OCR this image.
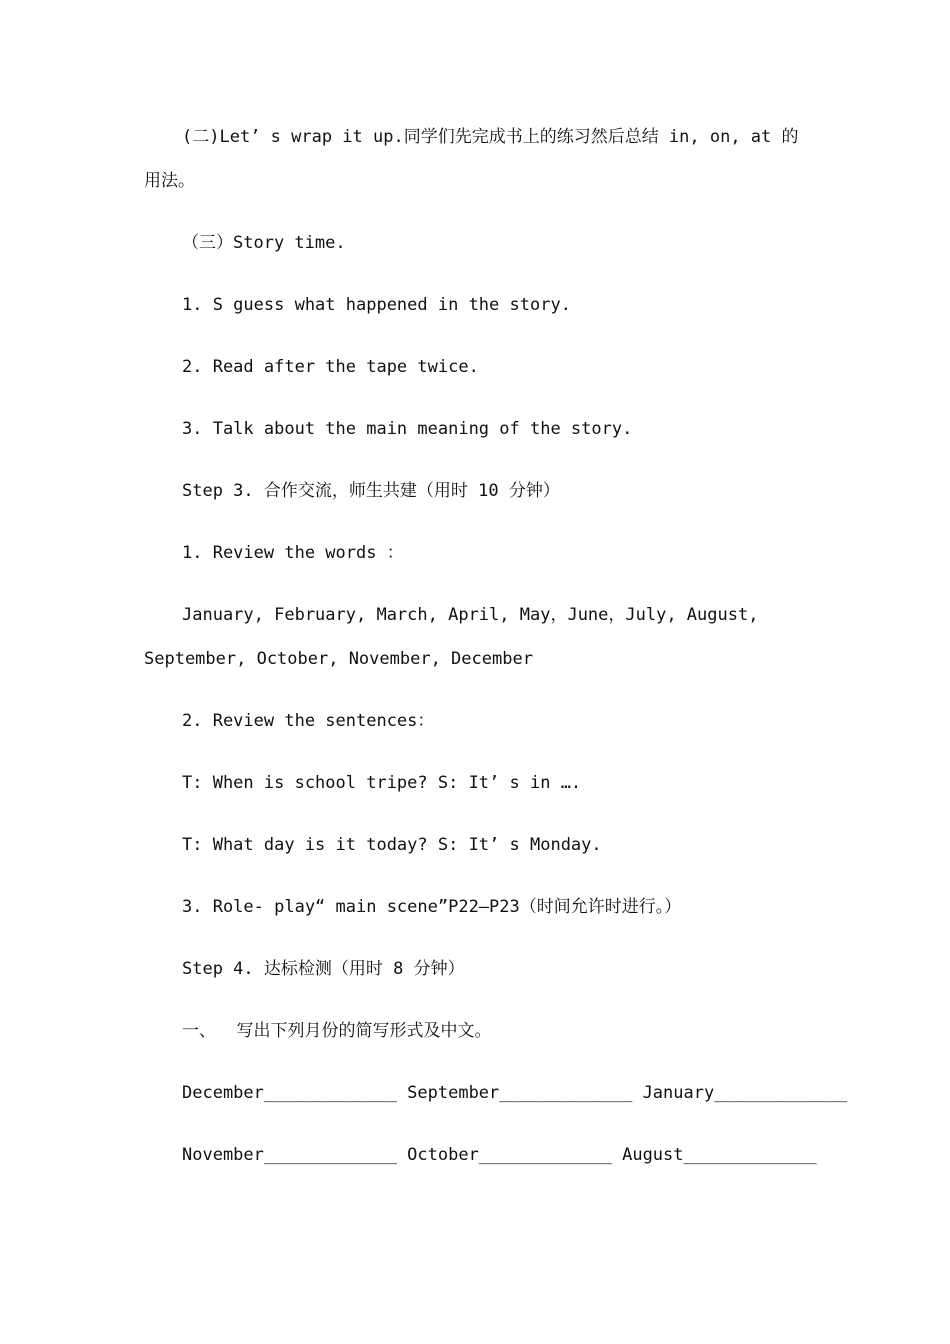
(二)Let’ s wrap it up.同学们先完成书上的练习然后总结 in, on, at 的
用法。
（三）Story time.
1. S guess what happened in the story.
2. Read after the tape twice.
3. Talk about the main meaning of the story.
Step 3. 合作交流，师生共建（用时 10 分钟）
1. Review the words ：
January, February, March, April, May，June，July, August,
September, October, November, December
2. Review the sentences：
T: When is school tripe? S: It’ s in ….
T: What day is it today? S: It’ s Monday.
3. Role- play“ main scene”P22—P23（时间允许时进行。）
Step 4. 达标检测（用时 8 分钟）
一、  写出下列月份的简写形式及中文。
December_____________ September_____________ January_____________
November_____________ October_____________ August_____________
